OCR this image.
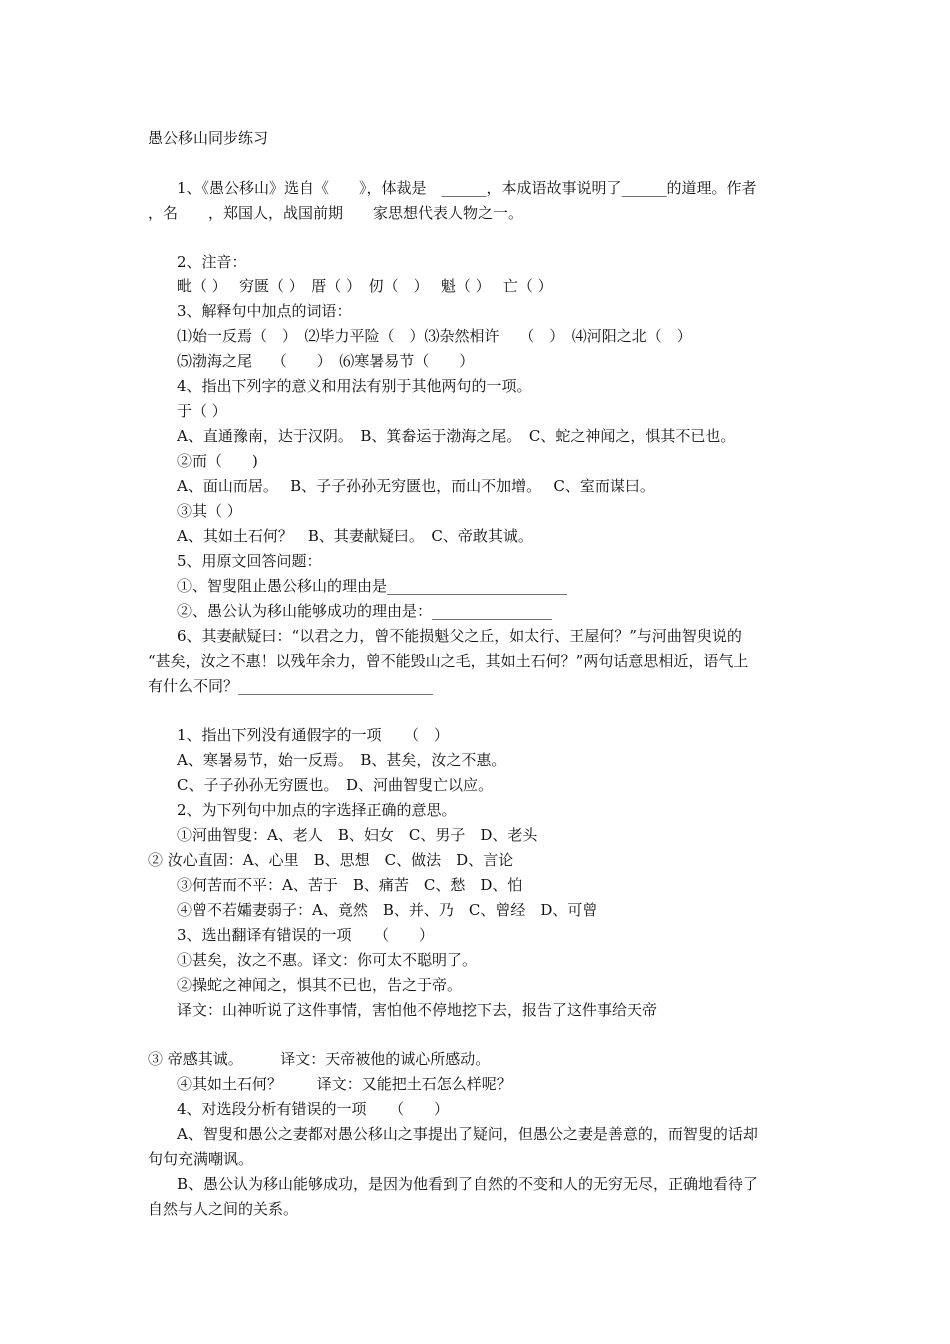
愚公移山同步练习
1、《愚公移山》选自《　　》，体裁是　______，本成语故事说明了______的道理。作者
，名　　，郑国人，战国前期　　家思想代表人物之一。
2、注音：
毗（ ）　 穷匮（ ）　厝（ ）　仞（　）　 魁（ ）　 亡（ ）
3、解释句中加点的词语：
⑴始一反焉（　）　⑵毕力平险（　）⑶杂然相许　 （　）　⑷河阳之北（　）
⑸渤海之尾　 （　　）　⑹寒暑易节（　　）
4、指出下列字的意义和用法有别于其他两句的一项。
于（ ）
A、直通豫南，达于汉阴。　B、箕畚运于渤海之尾。　C、蛇之神闻之，惧其不已也。
②而（　　)
A、面山而居。　 B、子子孙孙无穷匮也，而山不加增。　 C、室而谋曰。
③其（ ）
A、其如土石何？　B、其妻献疑曰。　C、帝敢其诚。
5、用原文回答问题：
①、智叟阻止愚公移山的理由是________________________
②、愚公认为移山能够成功的理由是：________________
6、其妻献疑曰：“以君之力，曾不能损魁父之丘，如太行、王屋何？”与河曲智臾说的
“甚矣，汝之不惠！以残年余力，曾不能毁山之毛，其如土石何？”两句话意思相近，语气上
有什么不同？__________________________
1、指出下列没有通假字的一项　　（　）
A、寒暑易节，始一反焉。　B、甚矣，汝之不惠。
C、子子孙孙无穷匮也。　D、河曲智叟亡以应。
2、为下列句中加点的字选择正确的意思。
①河曲智叟：A、老人　B、妇女　C、男子　D、老头
② 汝心直固：A、心里　B、思想　C、做法　D、言论
③何苦而不平：A、苦于　B、痛苦　C、愁　D、怕
④曾不若孀妻弱子：A、竟然　B、并、乃　C、曾经　D、可曾
3、选出翻译有错误的一项　　（　　）
①甚矣，汝之不惠。译文：你可太不聪明了。
②操蛇之神闻之，惧其不已也，告之于帝。
译文：山神听说了这件事情，害怕他不停地挖下去，报告了这件事给天帝
③ 帝感其诚。　　　译文：天帝被他的诚心所感动。
④其如土石何？　　 译文：又能把土石怎么样呢？
4、对选段分析有错误的一项　　（　　）
A、智叟和愚公之妻都对愚公移山之事提出了疑问，但愚公之妻是善意的，而智叟的话却
句句充满嘲讽。
B、愚公认为移山能够成功，是因为他看到了自然的不变和人的无穷无尽，正确地看待了
自然与人之间的关系。
